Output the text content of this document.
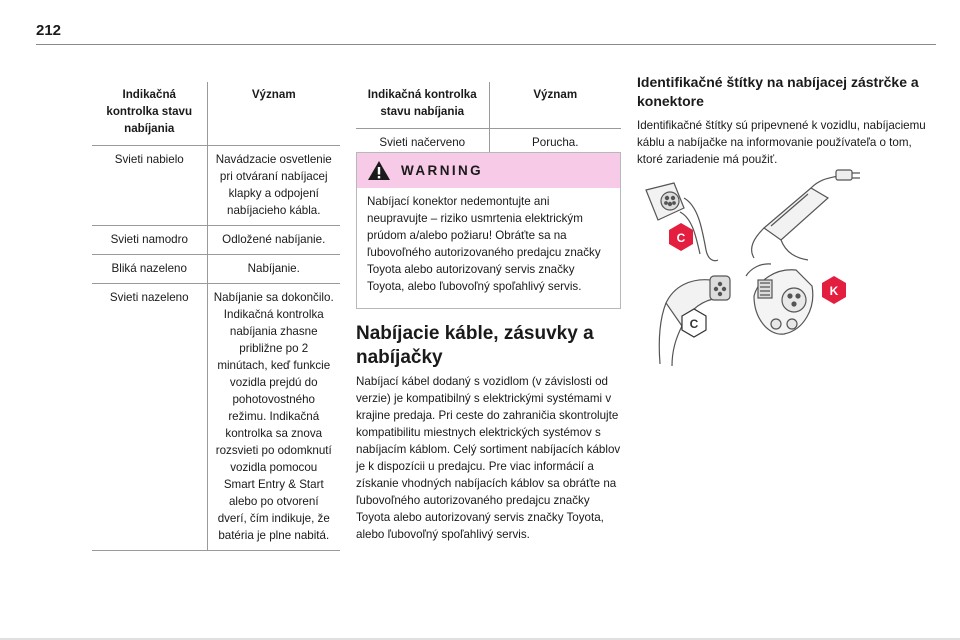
212
Indikačná kontrolka stavu nabíjania	Význam
Svieti nabielo	Navádzacie osvetlenie pri otváraní nabíjacej klapky a odpojení nabíjacieho kábla.
Svieti namodro	Odložené nabíjanie.
Bliká nazeleno	Nabíjanie.
Svieti nazeleno	Nabíjanie sa dokončilo. Indikačná kontrolka nabíjania zhasne približne po 2 minútach, keď funkcie vozidla prejdú do pohotovostného režimu. Indikačná kontrolka sa znova rozsvieti po odomknutí vozidla pomocou Smart Entry & Start alebo po otvorení dverí, čím indikuje, že batéria je plne nabitá.
Indikačná kontrolka stavu nabíjania	Význam
Svieti načerveno	Porucha.
WARNING
Nabíjací konektor nedemontujte ani neupravujte – riziko usmrtenia elektrickým prúdom a/alebo požiaru! Obráťte sa na ľubovoľného autorizovaného predajcu značky Toyota alebo autorizovaný servis značky Toyota, alebo ľubovoľný spoľahlivý servis.
Nabíjacie káble, zásuvky a nabíjačky
Nabíjací kábel dodaný s vozidlom (v závislosti od verzie) je kompatibilný s elektrickými systémami v krajine predaja. Pri ceste do zahraničia skontrolujte kompatibilitu miestnych elektrických systémov s nabíjacím káblom. Celý sortiment nabíjacích káblov je k dispozícii u predajcu. Pre viac informácií a získanie vhodných nabíjacích káblov sa obráťte na ľubovoľného autorizovaného predajcu značky Toyota alebo autorizovaný servis značky Toyota, alebo ľubovoľný spoľahlivý servis.
Identifikačné štítky na nabíjacej zástrčke a konektore
Identifikačné štítky sú pripevnené k vozidlu, nabíjaciemu káblu a nabíjačke na informovanie používateľa o tom, ktoré zariadenie má použiť.
C
C
K
